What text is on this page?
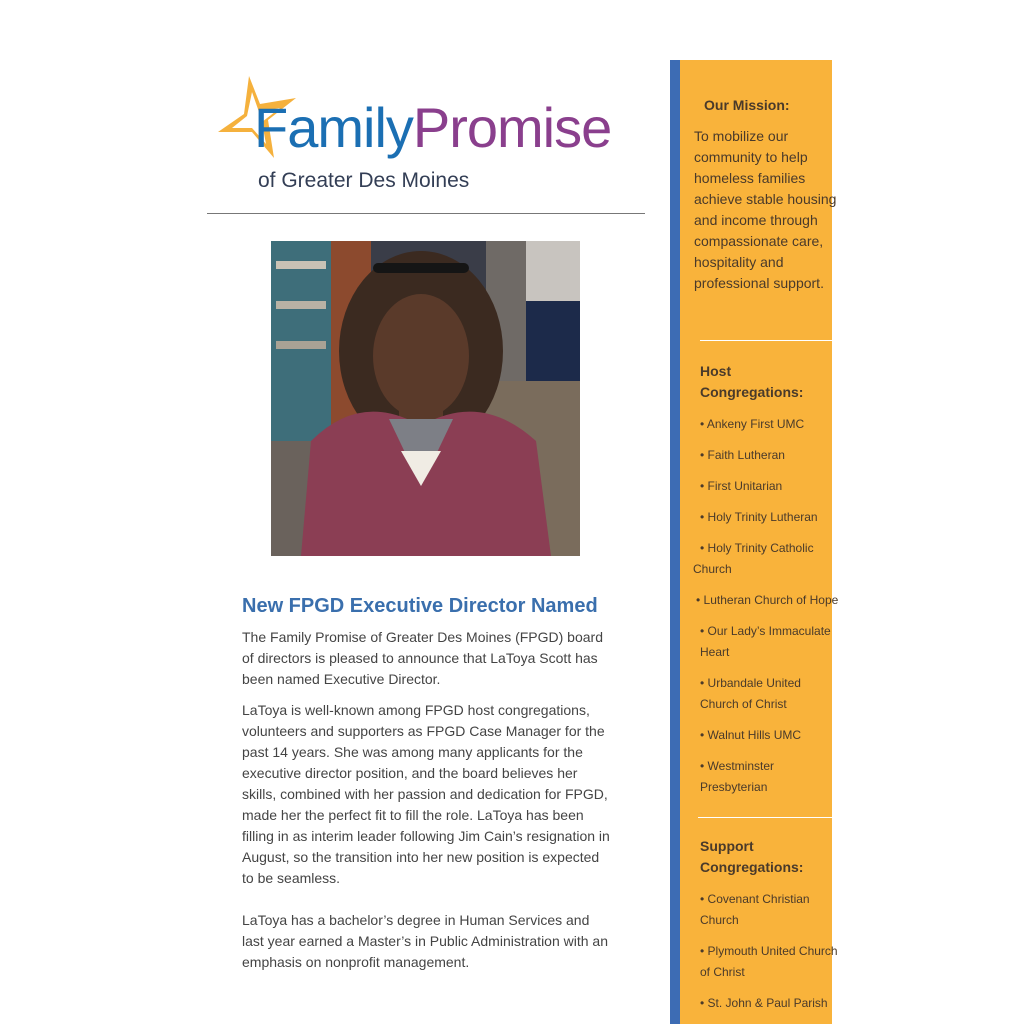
FamilyPromise
of Greater Des Moines
New FPGD Executive Director Named

The Family Promise of Greater Des Moines (FPGD) board of directors is pleased to announce that LaToya Scott has been named Executive Director.

LaToya is well-known among FPGD host congregations, volunteers and supporters as FPGD Case Manager for the past 14 years. She was among many applicants for the executive director position, and the board believes her skills, combined with her passion and dedication for FPGD, made her the perfect fit to fill the role. LaToya has been filling in as interim leader following Jim Cain’s resignation in August, so the transition into her new position is expected to be seamless.

LaToya has a bachelor’s degree in Human Services and last year earned a Master’s in Public Administration with an emphasis on nonprofit management.

Our Mission:
To mobilize our community to help homeless families achieve stable housing and income through compassionate care, hospitality and professional support.
Host Congregations:
• Ankeny First UMC
• Faith Lutheran
• First Unitarian
• Holy Trinity Lutheran
• Holy Trinity Catholic Church
• Lutheran Church of Hope
• Our Lady’s Immaculate Heart
• Urbandale United Church of Christ
• Walnut Hills UMC
• Westminster Presbyterian
Support Congregations:
• Covenant Christian Church
• Plymouth United Church of Christ
• St. John & Paul Parish
